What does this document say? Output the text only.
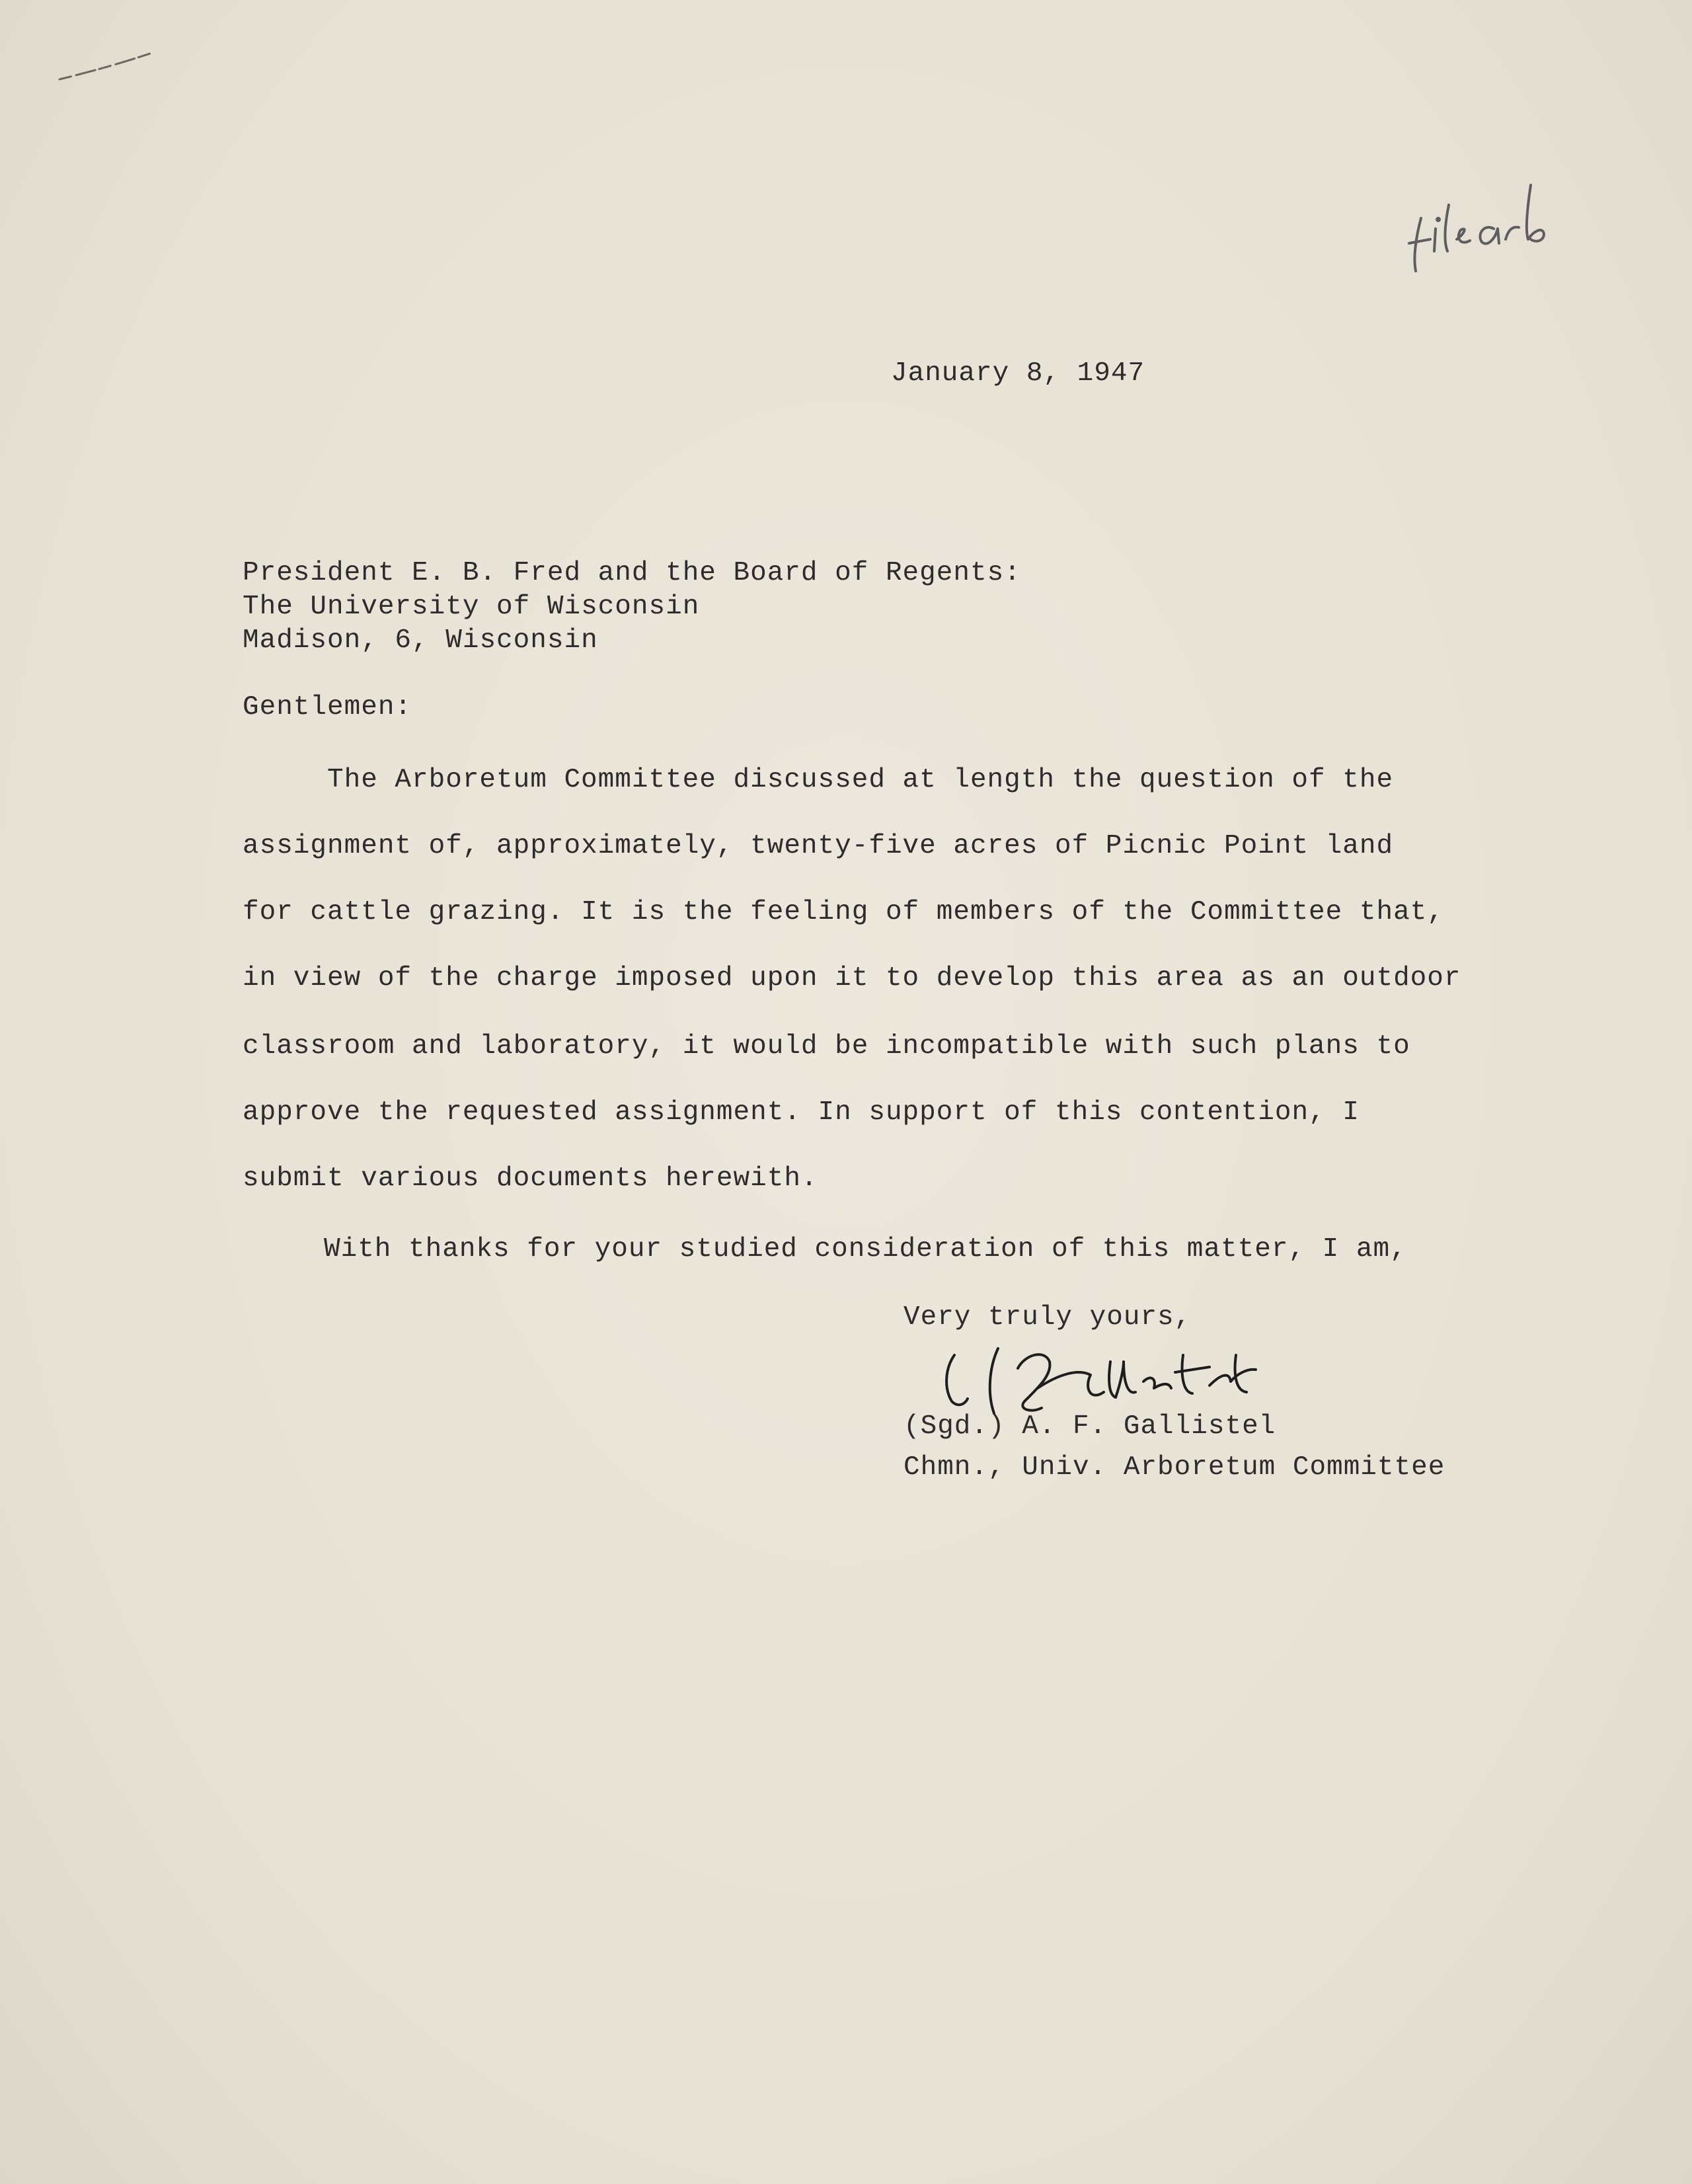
January 8, 1947
President E. B. Fred and the Board of Regents:
The University of Wisconsin
Madison, 6, Wisconsin
Gentlemen:
The Arboretum Committee discussed at length the question of the
assignment of, approximately, twenty-five acres of Picnic Point land
for cattle grazing. It is the feeling of members of the Committee that,
in view of the charge imposed upon it to develop this area as an outdoor
classroom and laboratory, it would be incompatible with such plans to
approve the requested assignment. In support of this contention, I
submit various documents herewith.
With thanks for your studied consideration of this matter, I am,
Very truly yours,
(Sgd.) A. F. Gallistel
Chmn., Univ. Arboretum Committee
